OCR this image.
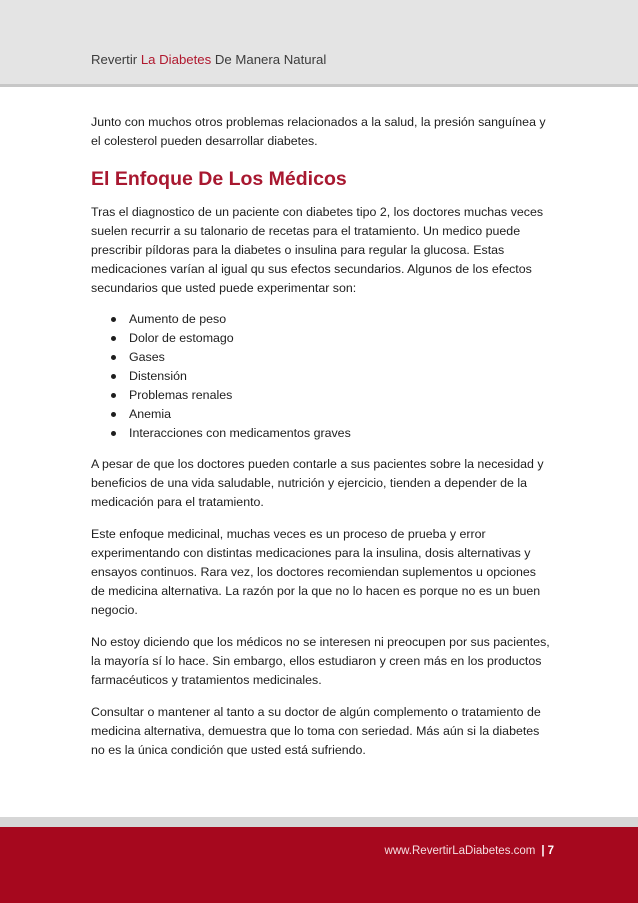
Revertir La Diabetes De Manera Natural

Junto con muchos otros problemas relacionados a la salud, la presión sanguínea y el colesterol pueden desarrollar diabetes.

El Enfoque De Los Médicos

Tras el diagnostico de un paciente con diabetes tipo 2, los doctores muchas veces suelen recurrir a su talonario de recetas para el tratamiento. Un medico puede prescribir píldoras para la diabetes o insulina para regular la glucosa. Estas medicaciones varían al igual qu sus efectos secundarios. Algunos de los efectos secundarios que usted puede experimentar son:

Aumento de peso
Dolor de estomago
Gases
Distensión
Problemas renales
Anemia
Interacciones con medicamentos graves

A pesar de que los doctores pueden contarle a sus pacientes sobre la necesidad y beneficios de una vida saludable, nutrición y ejercicio, tienden a depender de la medicación para el tratamiento.

Este enfoque medicinal, muchas veces es un proceso de prueba y error experimentando con distintas medicaciones para la insulina, dosis alternativas y ensayos continuos. Rara vez, los doctores recomiendan suplementos u opciones de medicina alternativa. La razón por la que no lo hacen es porque no es un buen negocio.

No estoy diciendo que los médicos no se interesen ni preocupen por sus pacientes, la mayoría sí lo hace. Sin embargo, ellos estudiaron y creen más en los productos farmacéuticos y tratamientos medicinales.

Consultar o mantener al tanto a su doctor de algún complemento o tratamiento de medicina alternativa, demuestra que lo toma con seriedad. Más aún si la diabetes no es la única condición que usted está sufriendo.

www.RevertirLaDiabetes.com | 7
